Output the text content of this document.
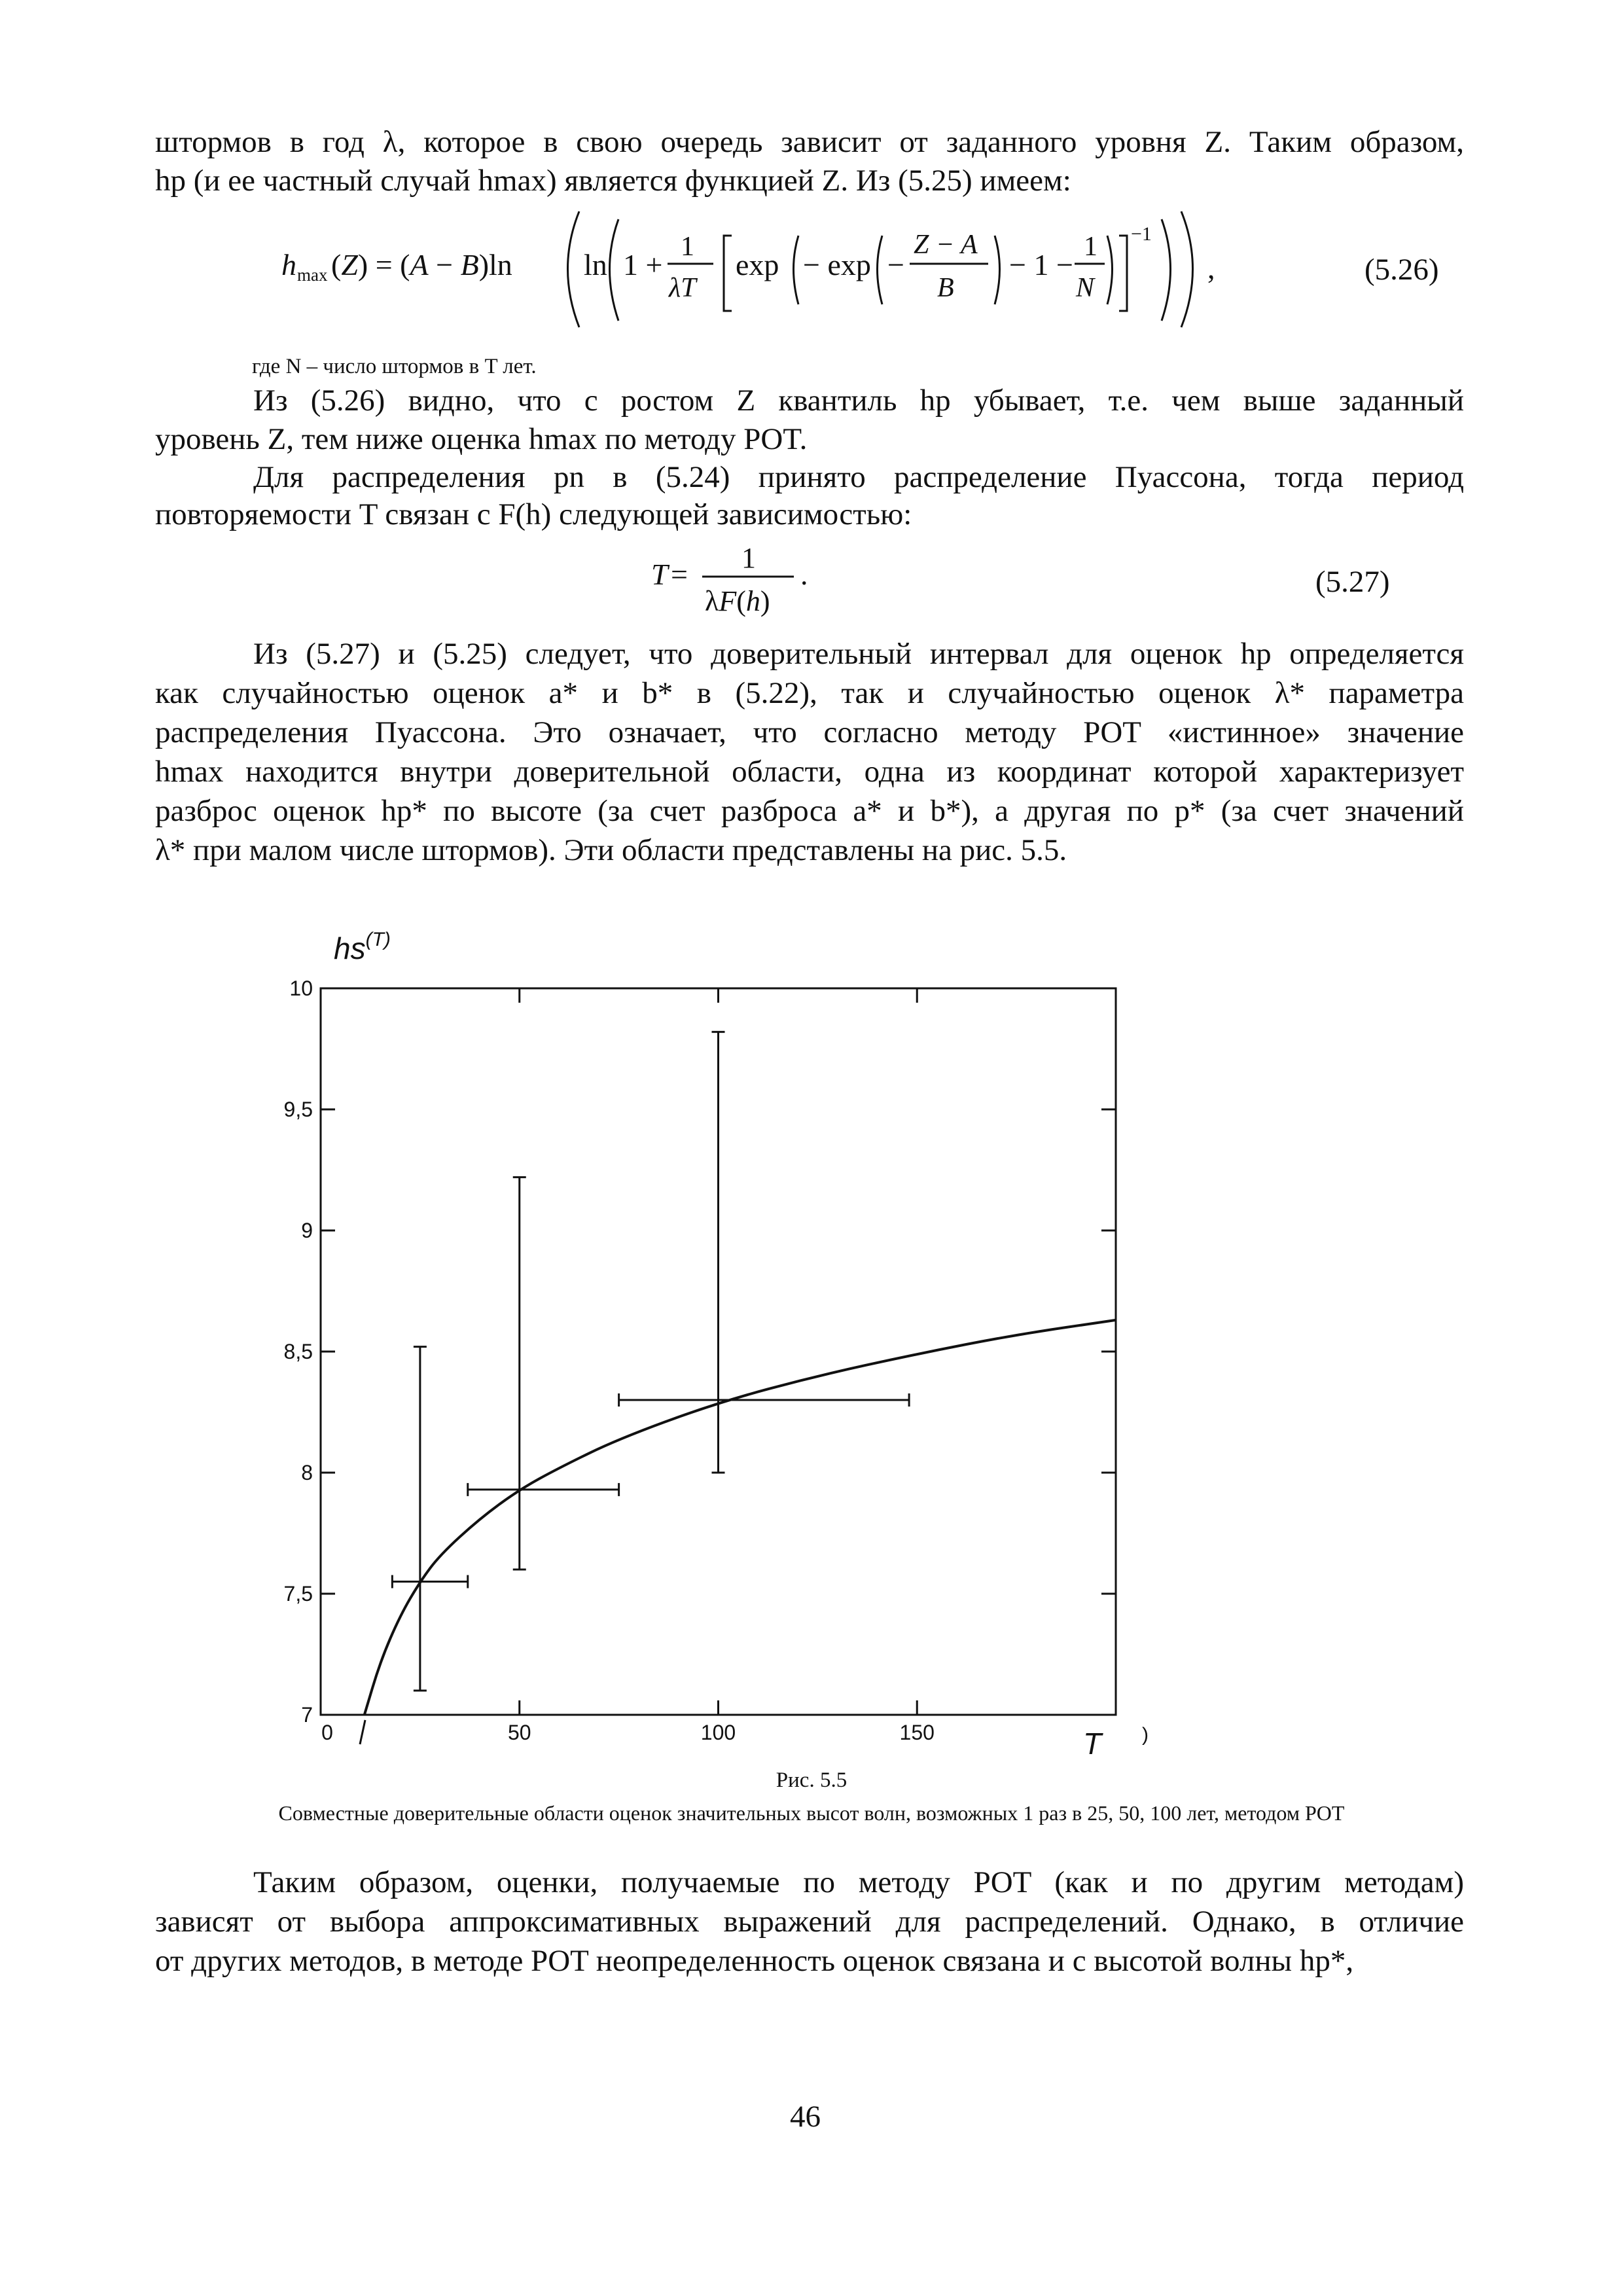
штормов в год λ, которое в свою очередь зависит от заданного уровня Z. Таким образом,
hp (и ее частный случай hmax) является функцией Z. Из (5.25) имеем:
h max (Z) = (A − B)ln ln 1 +
1
λT
exp − exp −
Z − A
B
− 1 −
1
N
−1
,	(5.26)
где N – число штормов в T лет.
Из (5.26) видно, что с ростом Z квантиль hp убывает, т.е. чем выше заданный
уровень Z, тем ниже оценка hmax по методу POT.
Для распределения pn в (5.24) принято распределение Пуассона, тогда период
повторяемости T связан с F(h) следующей зависимостью:
T = 1
λF(h)
.	(5.27)
Из (5.27) и (5.25) следует, что доверительный интервал для оценок hp определяется
как случайностью оценок a* и b* в (5.22), так и случайностью оценок λ* параметра
распределения Пуассона. Это означает, что согласно методу POT «истинное» значение
hmax находится внутри доверительной области, одна из координат которой характеризует
разброс оценок hp* по высоте (за счет разброса a* и b*), а другая по p* (за счет значений
λ* при малом числе штормов). Эти области представлены на рис. 5.5.
7
7,5
8
8,5
9
9,5
10
0	50	100	150
$hs^{(T)}$
T )
Рис. 5.5
Совместные доверительные области оценок значительных высот волн, возможных 1 раз в 25, 50, 100 лет, методом POT
Таким образом, оценки, получаемые по методу POT (как и по другим методам)
зависят от выбора аппроксимативных выражений для распределений. Однако, в отличие
от других методов, в методе POT неопределенность оценок связана и с высотой волны hp*,
46
